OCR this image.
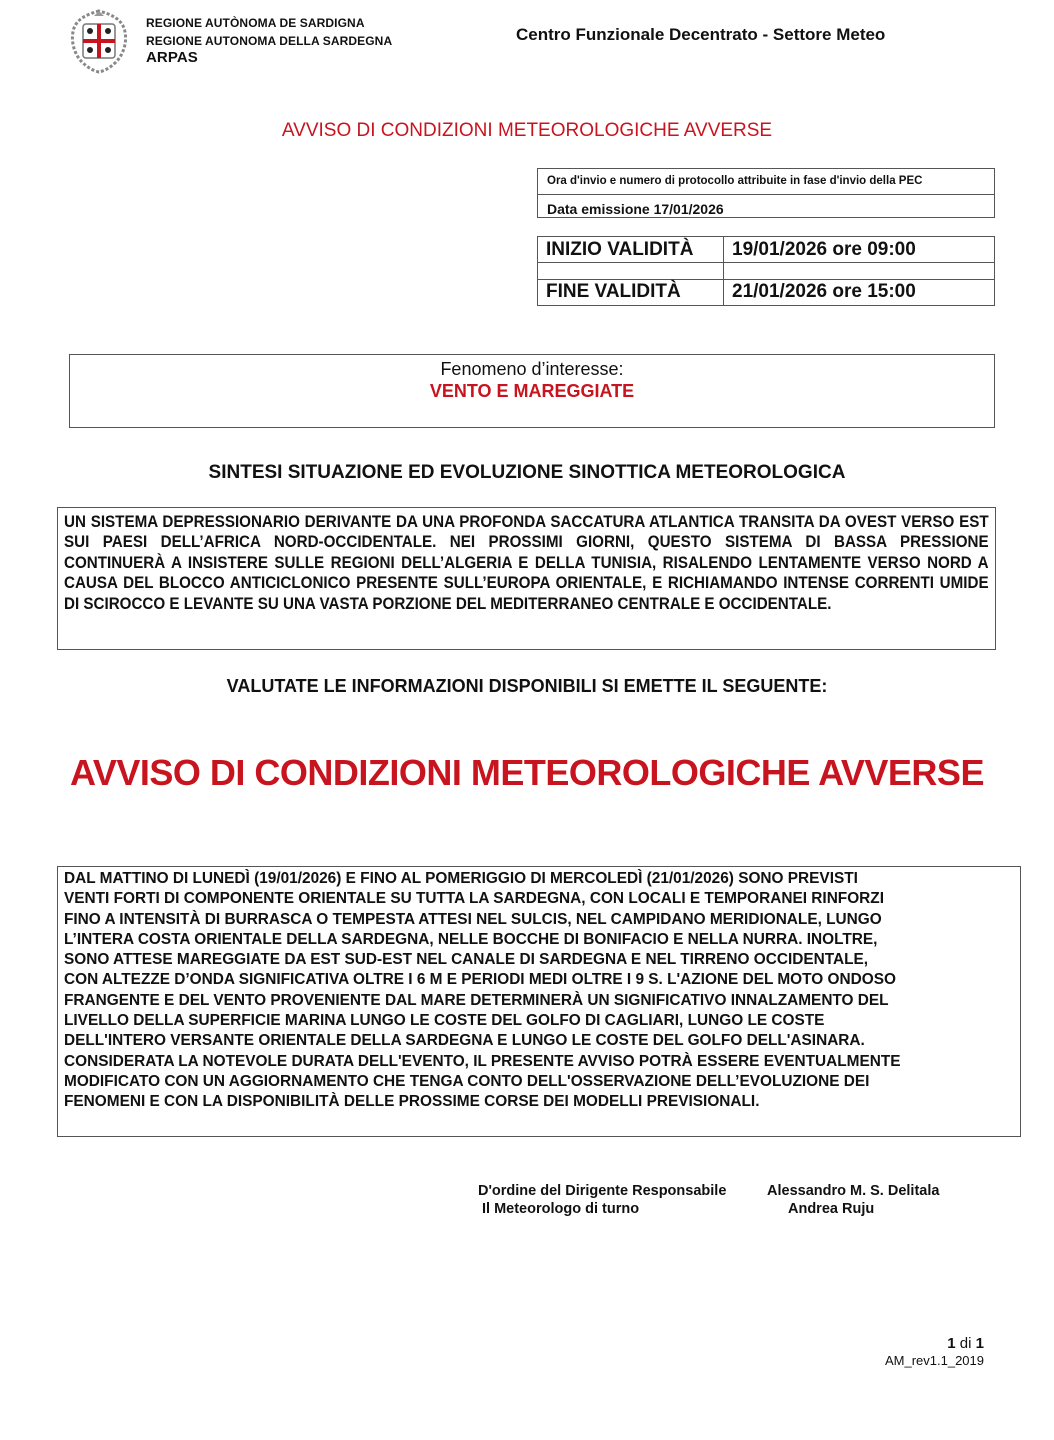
REGIONE AUTÒNOMA DE SARDIGNA
REGIONE AUTONOMA DELLA SARDEGNA
ARPAS
Centro Funzionale Decentrato - Settore Meteo
AVVISO DI CONDIZIONI METEOROLOGICHE AVVERSE
Ora d'invio e numero di protocollo attribuite in fase d'invio della PEC
Data emissione 17/01/2026
INIZIO VALIDITÀ	19/01/2026 ore 09:00

FINE VALIDITÀ	21/01/2026 ore 15:00
Fenomeno d’interesse:
VENTO E MAREGGIATE
SINTESI SITUAZIONE ED EVOLUZIONE SINOTTICA METEOROLOGICA
UN SISTEMA DEPRESSIONARIO DERIVANTE DA UNA PROFONDA SACCATURA ATLANTICA TRANSITA DA OVEST VERSO EST SUI PAESI DELL’AFRICA NORD-OCCIDENTALE. NEI PROSSIMI GIORNI, QUESTO SISTEMA DI BASSA PRESSIONE CONTINUERÀ A INSISTERE SULLE REGIONI DELL’ALGERIA E DELLA TUNISIA, RISALENDO LENTAMENTE VERSO NORD A CAUSA DEL BLOCCO ANTICICLONICO PRESENTE SULL’EUROPA ORIENTALE, E RICHIAMANDO INTENSE CORRENTI UMIDE DI SCIROCCO E LEVANTE SU UNA VASTA PORZIONE DEL MEDITERRANEO CENTRALE E OCCIDENTALE.
VALUTATE LE INFORMAZIONI DISPONIBILI SI EMETTE IL SEGUENTE:
AVVISO DI CONDIZIONI METEOROLOGICHE AVVERSE
DAL MATTINO DI LUNEDÌ (19/01/2026) E FINO AL POMERIGGIO DI MERCOLEDÌ (21/01/2026) SONO PREVISTI
VENTI FORTI DI COMPONENTE ORIENTALE SU TUTTA LA SARDEGNA, CON LOCALI E TEMPORANEI RINFORZI
FINO A INTENSITÀ DI BURRASCA O TEMPESTA ATTESI NEL SULCIS, NEL CAMPIDANO MERIDIONALE, LUNGO
L’INTERA COSTA ORIENTALE DELLA SARDEGNA, NELLE BOCCHE DI BONIFACIO E NELLA NURRA. INOLTRE,
SONO ATTESE MAREGGIATE DA EST SUD-EST NEL CANALE DI SARDEGNA E NEL TIRRENO OCCIDENTALE,
CON ALTEZZE D’ONDA SIGNIFICATIVA OLTRE I 6 M E PERIODI MEDI OLTRE I 9 S. L'AZIONE DEL MOTO ONDOSO
FRANGENTE E DEL VENTO PROVENIENTE DAL MARE DETERMINERÀ UN SIGNIFICATIVO INNALZAMENTO DEL
LIVELLO DELLA SUPERFICIE MARINA LUNGO LE COSTE DEL GOLFO DI CAGLIARI, LUNGO LE COSTE
DELL'INTERO VERSANTE ORIENTALE DELLA SARDEGNA E LUNGO LE COSTE DEL GOLFO DELL'ASINARA.
CONSIDERATA LA NOTEVOLE DURATA DELL'EVENTO, IL PRESENTE AVVISO POTRÀ ESSERE EVENTUALMENTE
MODIFICATO CON UN AGGIORNAMENTO CHE TENGA CONTO DELL'OSSERVAZIONE DELL’EVOLUZIONE DEI
FENOMENI E CON LA DISPONIBILITÀ DELLE PROSSIME CORSE DEI MODELLI PREVISIONALI.
D'ordine del Dirigente Responsabile
Il Meteorologo di turno
Alessandro M. S. Delitala
Andrea Ruju
1 di 1
AM_rev1.1_2019
